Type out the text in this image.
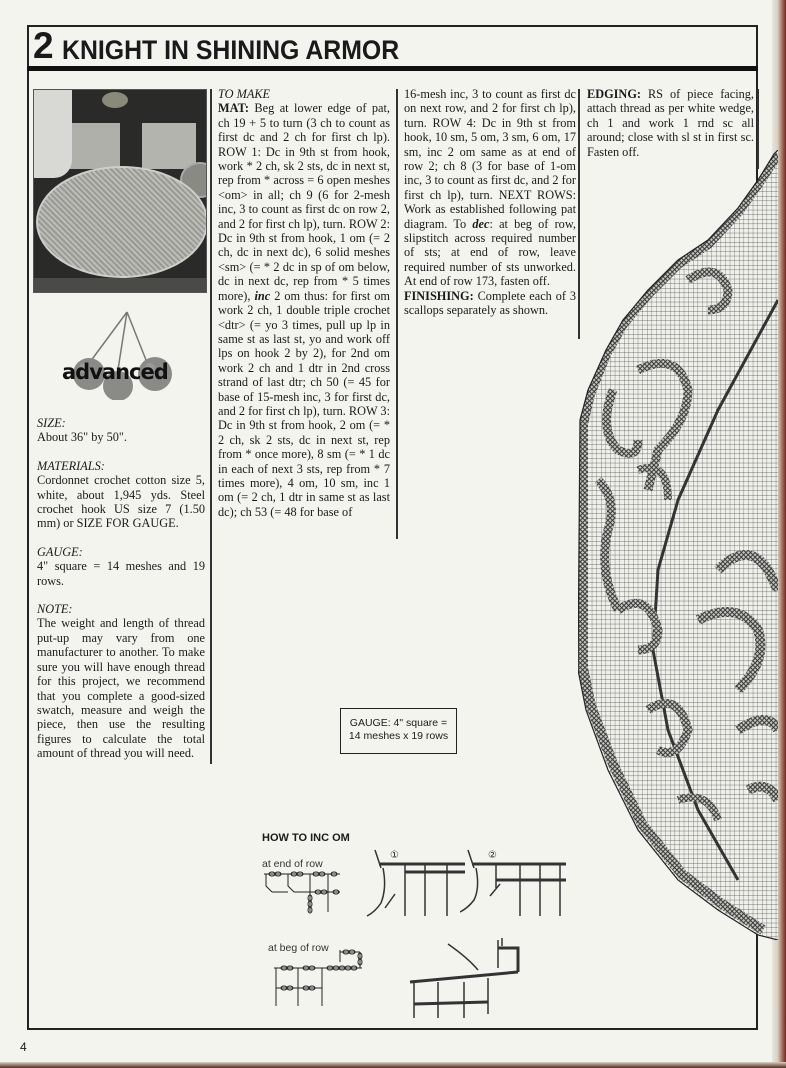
2 KNIGHT IN SHINING ARMOR
advanced
SIZE:
About 36" by 50".
MATERIALS:
Cordonnet crochet cotton size 5, white, about 1,945 yds. Steel crochet hook US size 7 (1.50 mm) or SIZE FOR GAUGE.
GAUGE:
4" square = 14 meshes and 19 rows.
NOTE:
The weight and length of thread put-up may vary from one manufacturer to another. To make sure you will have enough thread for this project, we recommend that you complete a good-sized swatch, measure and weigh the piece, then use the resulting figures to calculate the total amount of thread you will need.
TO MAKE
MAT: Beg at lower edge of pat, ch 19 + 5 to turn (3 ch to count as first dc and 2 ch for first ch lp). ROW 1: Dc in 9th st from hook, work * 2 ch, sk 2 sts, dc in next st, rep from * across = 6 open meshes <om> in all; ch 9 (6 for 2-mesh inc, 3 to count as first dc on row 2, and 2 for first ch lp), turn. ROW 2: Dc in 9th st from hook, 1 om (= 2 ch, dc in next dc), 6 solid meshes <sm> (= * 2 dc in sp of om below, dc in next dc, rep from * 5 times more), inc 2 om thus: for first om work 2 ch, 1 double triple crochet <dtr> (= yo 3 times, pull up lp in same st as last st, yo and work off lps on hook 2 by 2), for 2nd om work 2 ch and 1 dtr in 2nd cross strand of last dtr; ch 50 (= 45 for base of 15-mesh inc, 3 for first dc, and 2 for first ch lp), turn. ROW 3: Dc in 9th st from hook, 2 om (= * 2 ch, sk 2 sts, dc in next st, rep from * once more), 8 sm (= * 1 dc in each of next 3 sts, rep from * 7 times more), 4 om, 10 sm, inc 1 om (= 2 ch, 1 dtr in same st as last dc); ch 53 (= 48 for base of
16-mesh inc, 3 to count as first dc on next row, and 2 for first ch lp), turn. ROW 4: Dc in 9th st from hook, 10 sm, 5 om, 3 sm, 6 om, 17 sm, inc 2 om same as at end of row 2; ch 8 (3 for base of 1-om inc, 3 to count as first dc, and 2 for first ch lp), turn. NEXT ROWS: Work as established following pat diagram. To dec: at beg of row, slipstitch across required number of sts; at end of row, leave required number of sts unworked. At end of row 173, fasten off.
FINISHING: Complete each of 3 scallops separately as shown.
EDGING: RS of piece facing, attach thread as per white wedge, ch 1 and work 1 rnd sc all around; close with sl st in first sc. Fasten off.
GAUGE: 4" square =
14 meshes x 19 rows
HOW TO INC OM
at end of row
at beg of row
①	②
4
